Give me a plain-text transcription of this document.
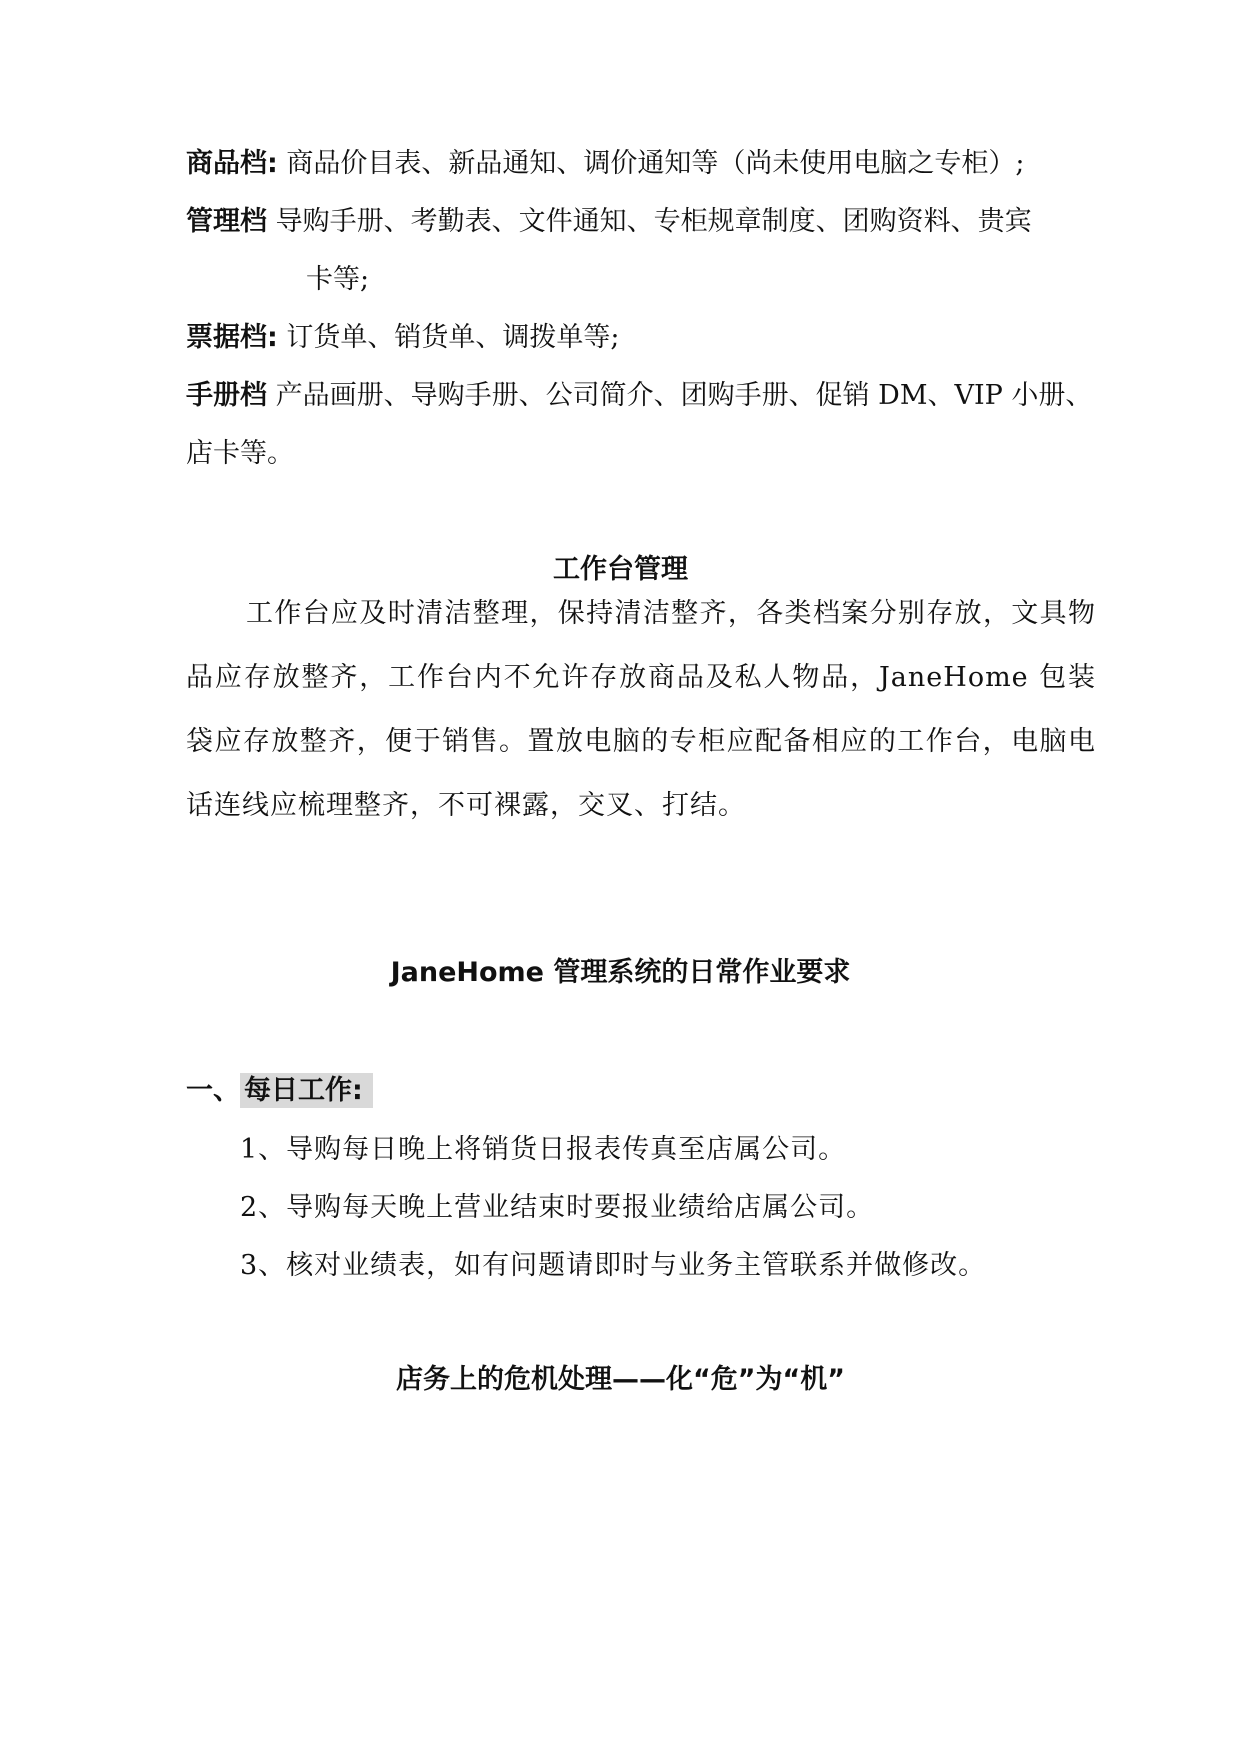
商品档: 商品价目表、新品通知、调价通知等（尚未使用电脑之专柜）;
管理档 导购手册、考勤表、文件通知、专柜规章制度、团购资料、贵宾
卡等;
票据档: 订货单、销货单、调拨单等;
手册档 产品画册、导购手册、公司简介、团购手册、促销 DM、VIP 小册、
店卡等。
工作台管理
工作台应及时清洁整理，保持清洁整齐，各类档案分别存放，文具物品应存放整齐，工作台内不允许存放商品及私人物品，JaneHome 包装袋应存放整齐，便于销售。置放电脑的专柜应配备相应的工作台，电脑电话连线应梳理整齐，不可裸露，交叉、打结。
JaneHome 管理系统的日常作业要求
一、 每日工作:
1、导购每日晚上将销货日报表传真至店属公司。
2、导购每天晚上营业结束时要报业绩给店属公司。
3、核对业绩表，如有问题请即时与业务主管联系并做修改。
店务上的危机处理——化“危”为“机”
